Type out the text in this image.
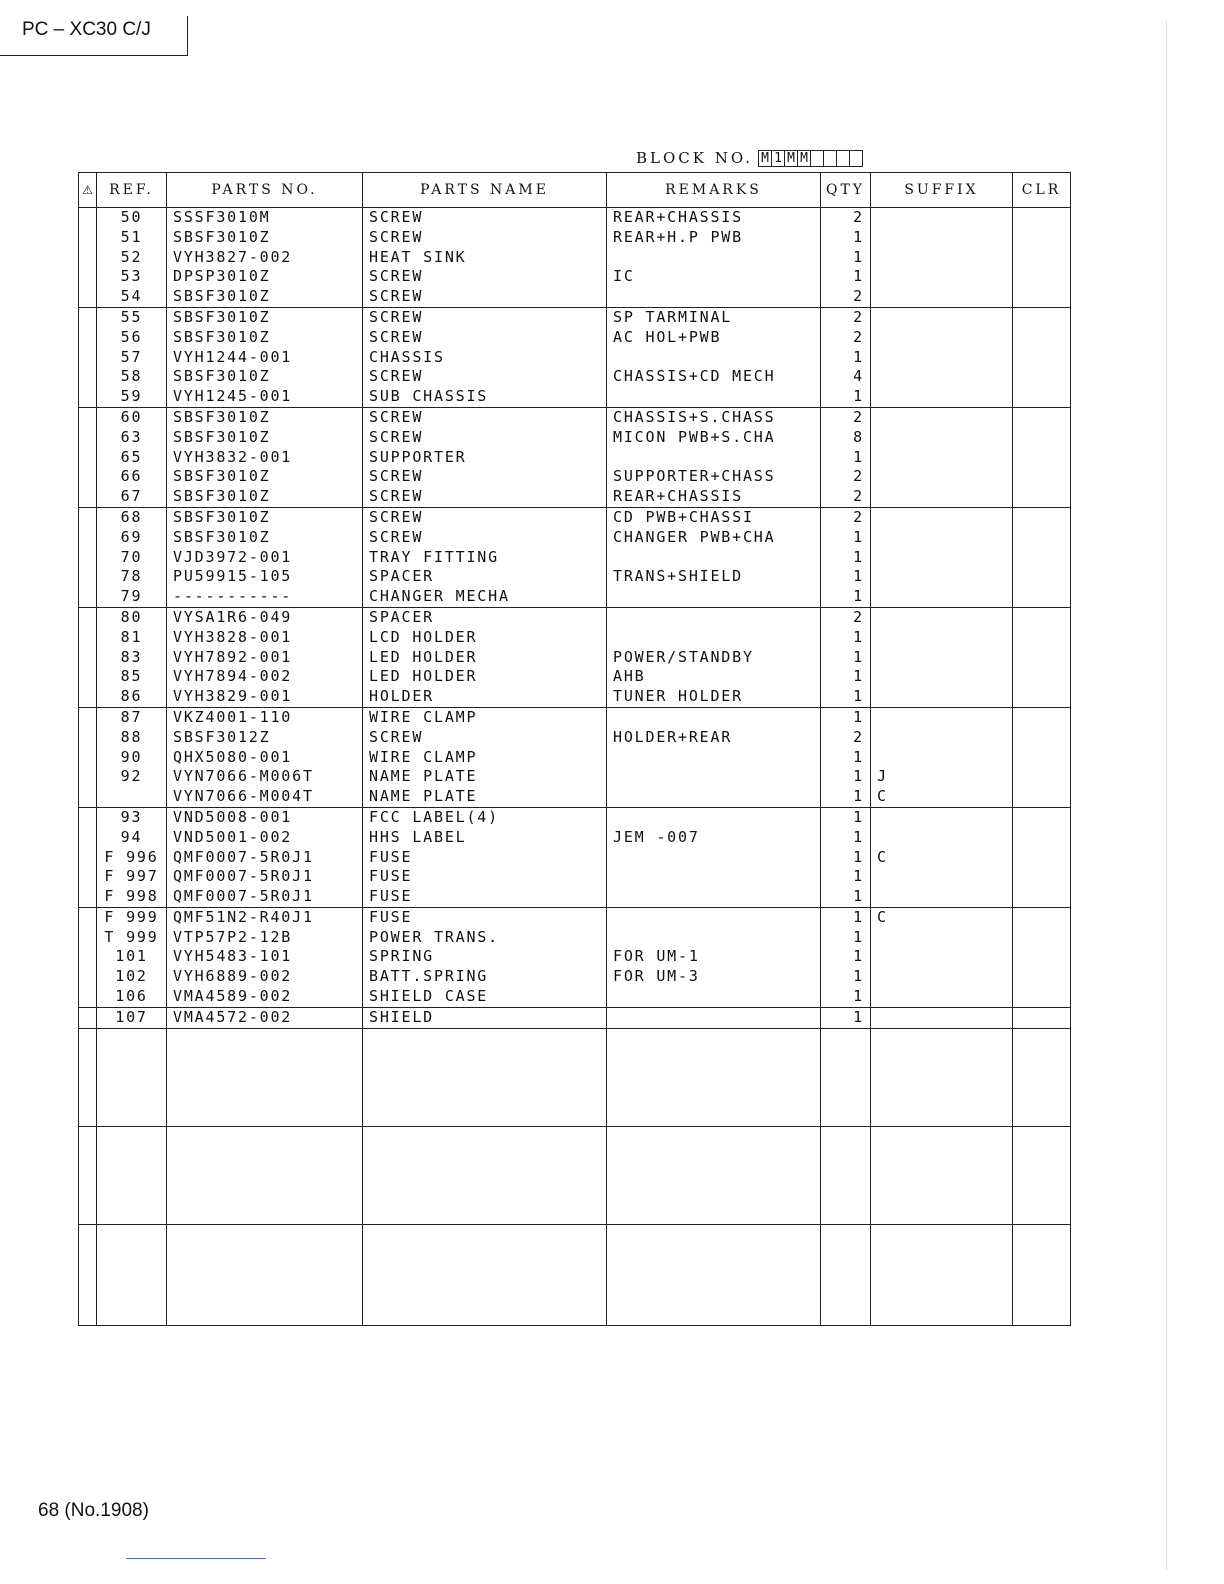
PC – XC30 C/J
BLOCK NO. M 1 M M
⚠	REF.	PARTS NO.	PARTS NAME	REMARKS	QTY	SUFFIX	CLR
	50	SSSF3010M	SCREW	REAR+CHASSIS	2		
	51	SBSF3010Z	SCREW	REAR+H.P PWB	1		
	52	VYH3827-002	HEAT SINK		1		
	53	DPSP3010Z	SCREW	IC	1		
	54	SBSF3010Z	SCREW		2		
	55	SBSF3010Z	SCREW	SP TARMINAL	2		
	56	SBSF3010Z	SCREW	AC HOL+PWB	2		
	57	VYH1244-001	CHASSIS		1		
	58	SBSF3010Z	SCREW	CHASSIS+CD MECH	4		
	59	VYH1245-001	SUB CHASSIS		1		
	60	SBSF3010Z	SCREW	CHASSIS+S.CHASS	2		
	63	SBSF3010Z	SCREW	MICON PWB+S.CHA	8		
	65	VYH3832-001	SUPPORTER		1		
	66	SBSF3010Z	SCREW	SUPPORTER+CHASS	2		
	67	SBSF3010Z	SCREW	REAR+CHASSIS	2		
	68	SBSF3010Z	SCREW	CD PWB+CHASSI	2		
	69	SBSF3010Z	SCREW	CHANGER PWB+CHA	1		
	70	VJD3972-001	TRAY FITTING		1		
	78	PU59915-105	SPACER	TRANS+SHIELD	1		
	79	-----------	CHANGER MECHA		1		
	80	VYSA1R6-049	SPACER		2		
	81	VYH3828-001	LCD HOLDER		1		
	83	VYH7892-001	LED HOLDER	POWER/STANDBY	1		
	85	VYH7894-002	LED HOLDER	AHB	1		
	86	VYH3829-001	HOLDER	TUNER HOLDER	1		
	87	VKZ4001-110	WIRE CLAMP		1		
	88	SBSF3012Z	SCREW	HOLDER+REAR	2		
	90	QHX5080-001	WIRE CLAMP		1		
	92	VYN7066-M006T	NAME PLATE		1	J	
		VYN7066-M004T	NAME PLATE		1	C	
	93	VND5008-001	FCC LABEL(4)		1		
	94	VND5001-002	HHS LABEL	JEM -007	1		
	F 996	QMF0007-5R0J1	FUSE		1	C	
	F 997	QMF0007-5R0J1	FUSE		1		
	F 998	QMF0007-5R0J1	FUSE		1		
	F 999	QMF51N2-R40J1	FUSE		1	C	
	T 999	VTP57P2-12B	POWER TRANS.		1		
	101	VYH5483-101	SPRING	FOR UM-1	1		
	102	VYH6889-002	BATT.SPRING	FOR UM-3	1		
	106	VMA4589-002	SHIELD CASE		1		
	107	VMA4572-002	SHIELD		1		

68 (No.1908)
